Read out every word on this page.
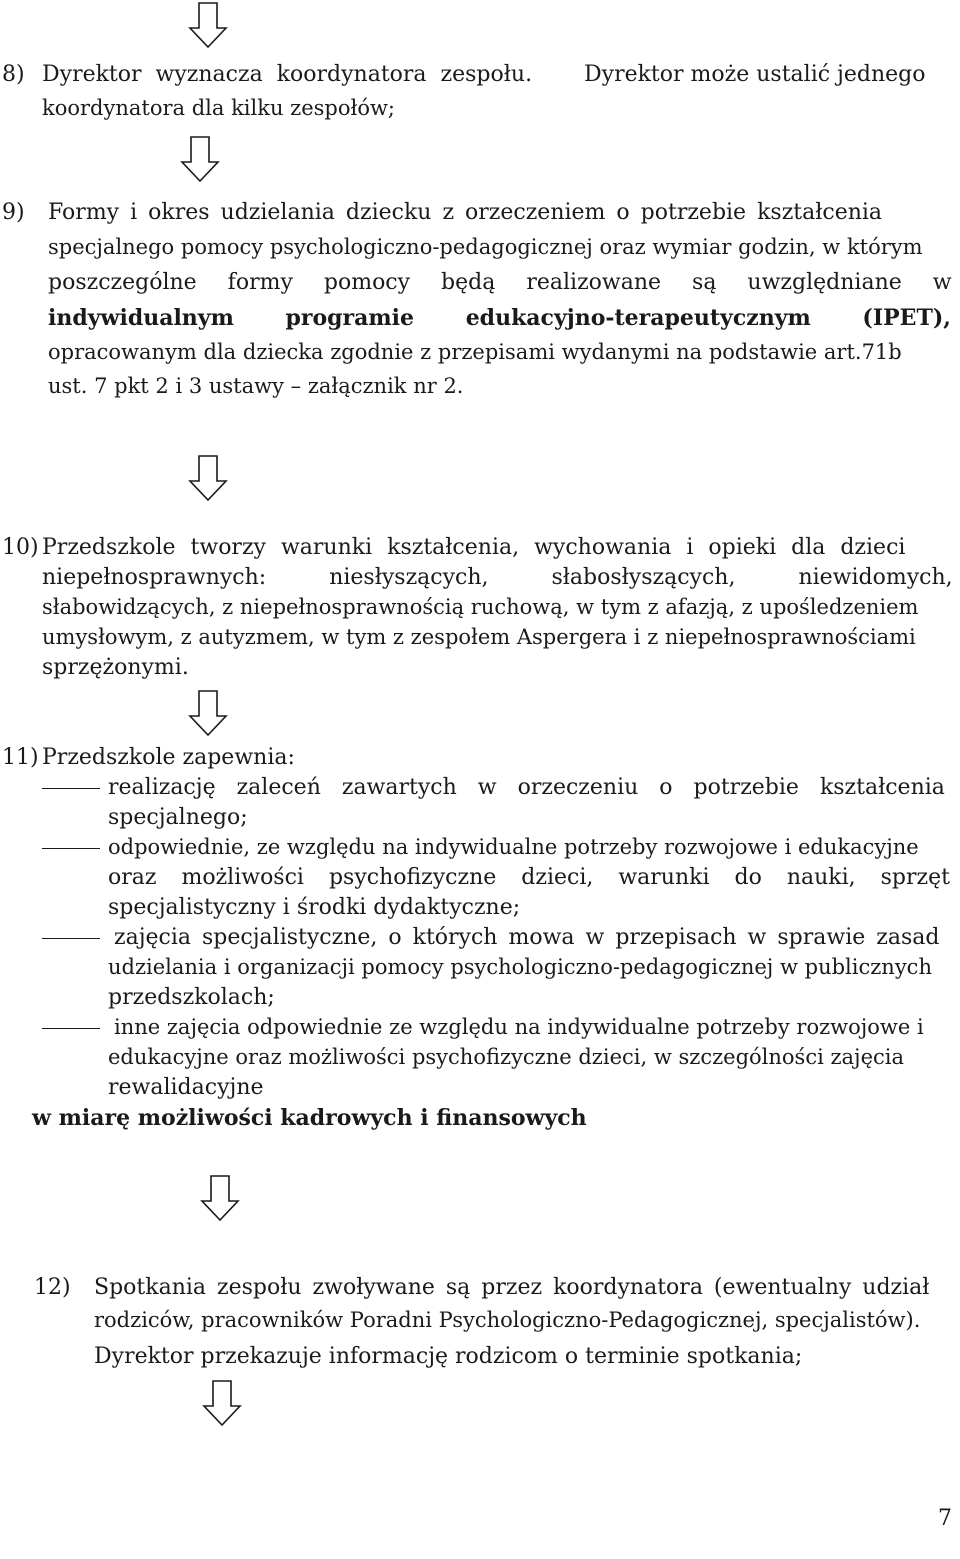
8) Dyrektor wyznacza koordynatora zespołu. Dyrektor może ustalić jednego
koordynatora dla kilku zespołów;
9) Formy i okres udzielania dziecku z orzeczeniem o potrzebie kształcenia
specjalnego pomocy psychologiczno-pedagogicznej oraz wymiar godzin, w którym
poszczególne formy pomocy będą realizowane są uwzględniane w
indywidualnym programie edukacyjno-terapeutycznym (IPET),
opracowanym dla dziecka zgodnie z przepisami wydanymi na podstawie art.71b
ust. 7 pkt 2 i 3 ustawy – załącznik nr 2.
10) Przedszkole tworzy warunki kształcenia, wychowania i opieki dla dzieci
niepełnosprawnych: niesłyszących, słabosłyszących, niewidomych,
słabowidzących, z niepełnosprawnością ruchową, w tym z afazją, z upośledzeniem
umysłowym, z autyzmem, w tym z zespołem Aspergera i z niepełnosprawnościami
sprzężonymi.
11) Przedszkole zapewnia:
realizację zaleceń zawartych w orzeczeniu o potrzebie kształcenia
specjalnego;
odpowiednie, ze względu na indywidualne potrzeby rozwojowe i edukacyjne
oraz możliwości psychofizyczne dzieci, warunki do nauki, sprzęt
specjalistyczny i środki dydaktyczne;
zajęcia specjalistyczne, o których mowa w przepisach w sprawie zasad
udzielania i organizacji pomocy psychologiczno-pedagogicznej w publicznych
przedszkolach;
inne zajęcia odpowiednie ze względu na indywidualne potrzeby rozwojowe i
edukacyjne oraz możliwości psychofizyczne dzieci, w szczególności zajęcia
rewalidacyjne
w miarę możliwości kadrowych i finansowych
12) Spotkania zespołu zwoływane są przez koordynatora (ewentualny udział
rodziców, pracowników Poradni Psychologiczno-Pedagogicznej, specjalistów).
Dyrektor przekazuje informację rodzicom o terminie spotkania;
7
